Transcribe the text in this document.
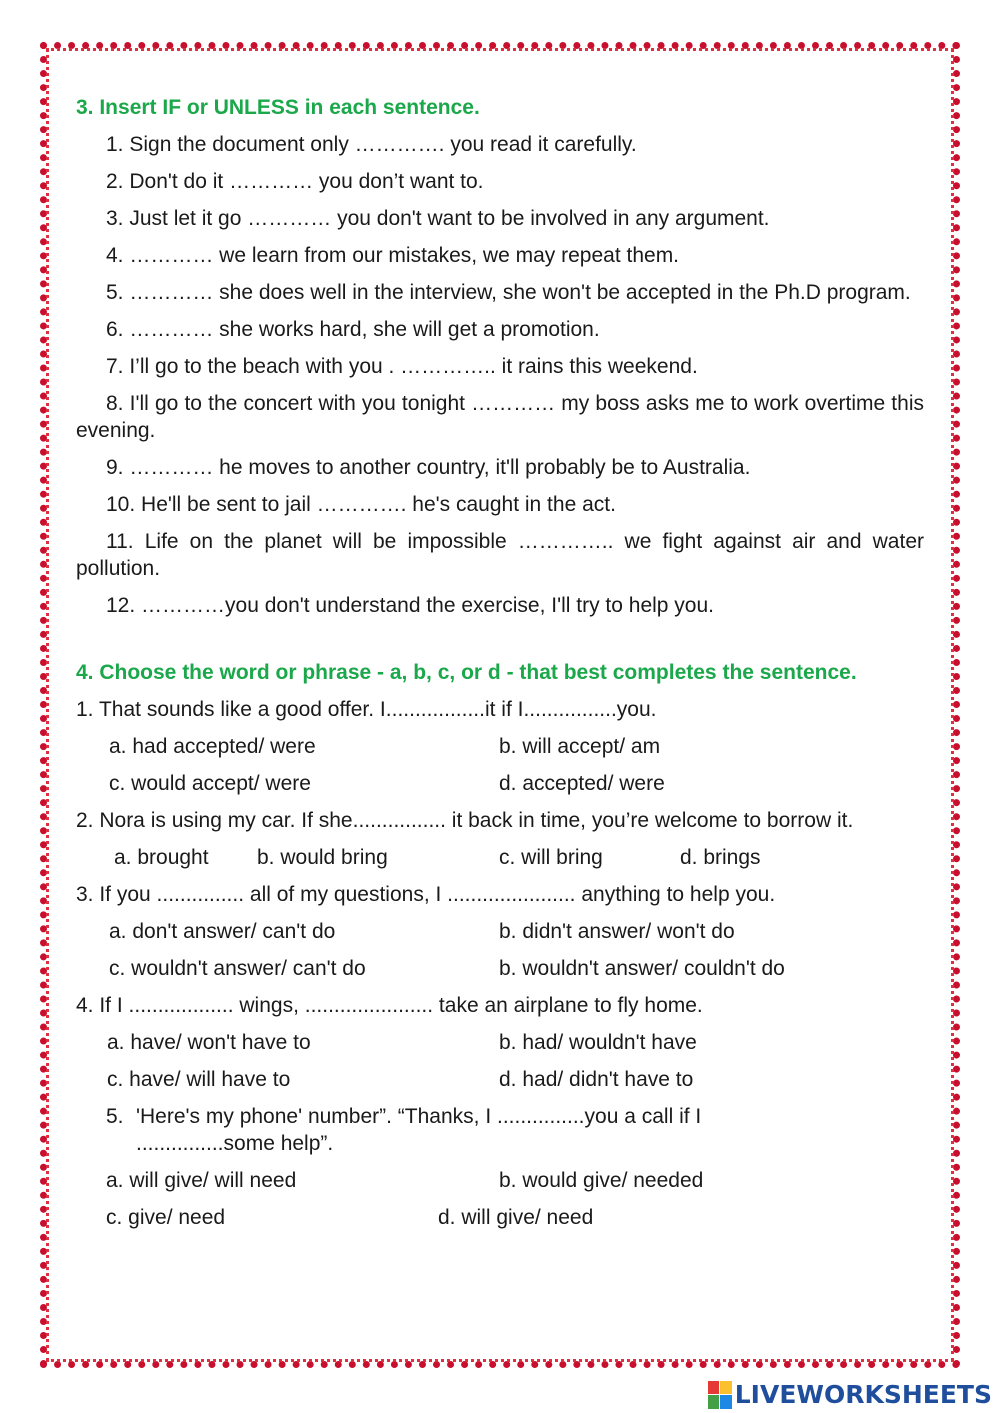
3. Insert IF or UNLESS in each sentence.
1. Sign the document only …………. you read it carefully.
2. Don't do it ………… you don’t want to.
3. Just let it go ………… you don't want to be involved in any argument.
4. ………… we learn from our mistakes, we may repeat them.
5. ………… she does well in the interview, she won't be accepted in the Ph.D program.
6. ………… she works hard, she will get a promotion.
7. I’ll go to the beach with you . ………….. it rains this weekend.
8. I'll go to the concert with you tonight ………… my boss asks me to work overtime this evening.
9. ………… he moves to another country, it'll probably be to Australia.
10. He'll be sent to jail …………. he's caught in the act.
11. Life on the planet will be impossible ………….. we fight against air and water pollution.
12. …………you don't understand the exercise, I'll try to help you.
4. Choose the word or phrase - a, b, c, or d - that best completes the sentence.
1. That sounds like a good offer. I.................it if I................you.
a. had accepted/ were	b. will accept/ am
c. would accept/ were	d. accepted/ were
2. Nora is using my car. If she................ it back in time, you’re welcome to borrow it.
a. brought	b. would bring	c. will bring	d. brings
3. If you ............... all of my questions, I ...................... anything to help you.
a. don't answer/ can't do	b. didn't answer/ won't do
c. wouldn't answer/ can't do	b. wouldn't answer/ couldn't do
4. If I .................. wings, ...................... take an airplane to fly home.
a. have/ won't have to	b. had/ wouldn't have
c. have/ will have to	d. had/ didn't have to
5. 'Here's my phone' number”. “Thanks, I ...............you a call if I
...............some help”.
a. will give/ will need	b. would give/ needed
c. give/ need	d. will give/ need
LIVEWORKSHEETS
